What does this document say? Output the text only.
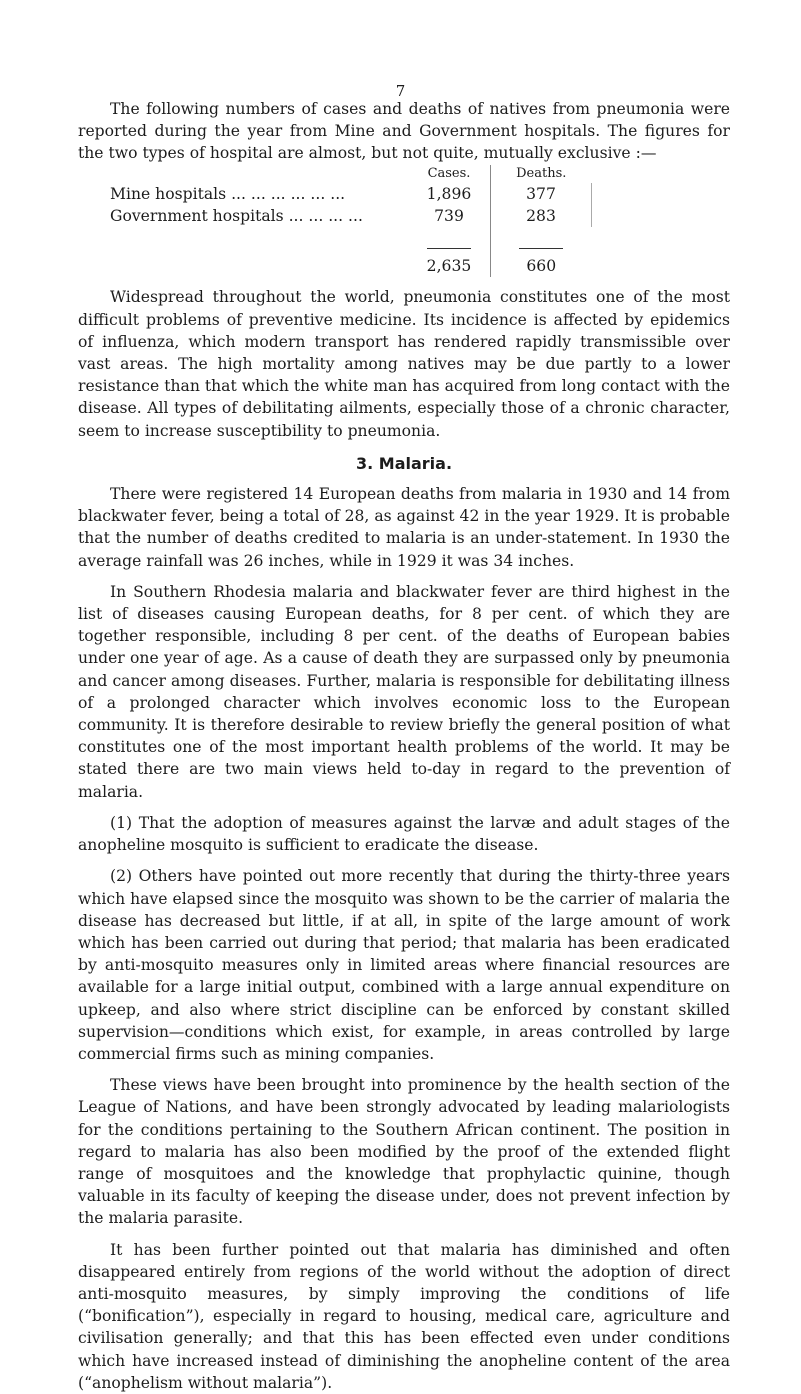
7

The following numbers of cases and deaths of natives from pneumonia were reported during the year from Mine and Government hospitals. The figures for the two types of hospital are almost, but not quite, mutually exclusive :—

	Cases.	Deaths.
Mine hospitals ... ... ... ... ... ...	1,896	377
Government hospitals ... ... ... ...	739	283

	2,635	660

Widespread throughout the world, pneumonia constitutes one of the most difficult problems of preventive medicine. Its incidence is affected by epidemics of influenza, which modern transport has rendered rapidly transmissible over vast areas. The high mortality among natives may be due partly to a lower resistance than that which the white man has acquired from long contact with the disease. All types of debilitating ailments, especially those of a chronic character, seem to increase susceptibility to pneumonia.

3. Malaria.

There were registered 14 European deaths from malaria in 1930 and 14 from blackwater fever, being a total of 28, as against 42 in the year 1929. It is probable that the number of deaths credited to malaria is an under-statement. In 1930 the average rainfall was 26 inches, while in 1929 it was 34 inches.

In Southern Rhodesia malaria and blackwater fever are third highest in the list of diseases causing European deaths, for 8 per cent. of which they are together responsible, including 8 per cent. of the deaths of European babies under one year of age. As a cause of death they are surpassed only by pneumonia and cancer among diseases. Further, malaria is responsible for debilitating illness of a prolonged character which involves economic loss to the European community. It is therefore desirable to review briefly the general position of what constitutes one of the most important health problems of the world. It may be stated there are two main views held to-day in regard to the prevention of malaria.

(1) That the adoption of measures against the larvæ and adult stages of the anopheline mosquito is sufficient to eradicate the disease.

(2) Others have pointed out more recently that during the thirty-three years which have elapsed since the mosquito was shown to be the carrier of malaria the disease has decreased but little, if at all, in spite of the large amount of work which has been carried out during that period; that malaria has been eradicated by anti-mosquito measures only in limited areas where financial resources are available for a large initial output, combined with a large annual expenditure on upkeep, and also where strict discipline can be enforced by constant skilled supervision—conditions which exist, for example, in areas controlled by large commercial firms such as mining companies.

These views have been brought into prominence by the health section of the League of Nations, and have been strongly advocated by leading malariologists for the conditions pertaining to the Southern African continent. The position in regard to malaria has also been modified by the proof of the extended flight range of mosquitoes and the knowledge that prophylactic quinine, though valuable in its faculty of keeping the disease under, does not prevent infection by the malaria parasite.

It has been further pointed out that malaria has diminished and often disappeared entirely from regions of the world without the adoption of direct anti-mosquito measures, by simply improving the conditions of life (“bonification”), especially in regard to housing, medical care, agriculture and civilisation generally; and that this has been effected even under conditions which have increased instead of diminishing the anopheline content of the area (“anophelism without malaria”).
